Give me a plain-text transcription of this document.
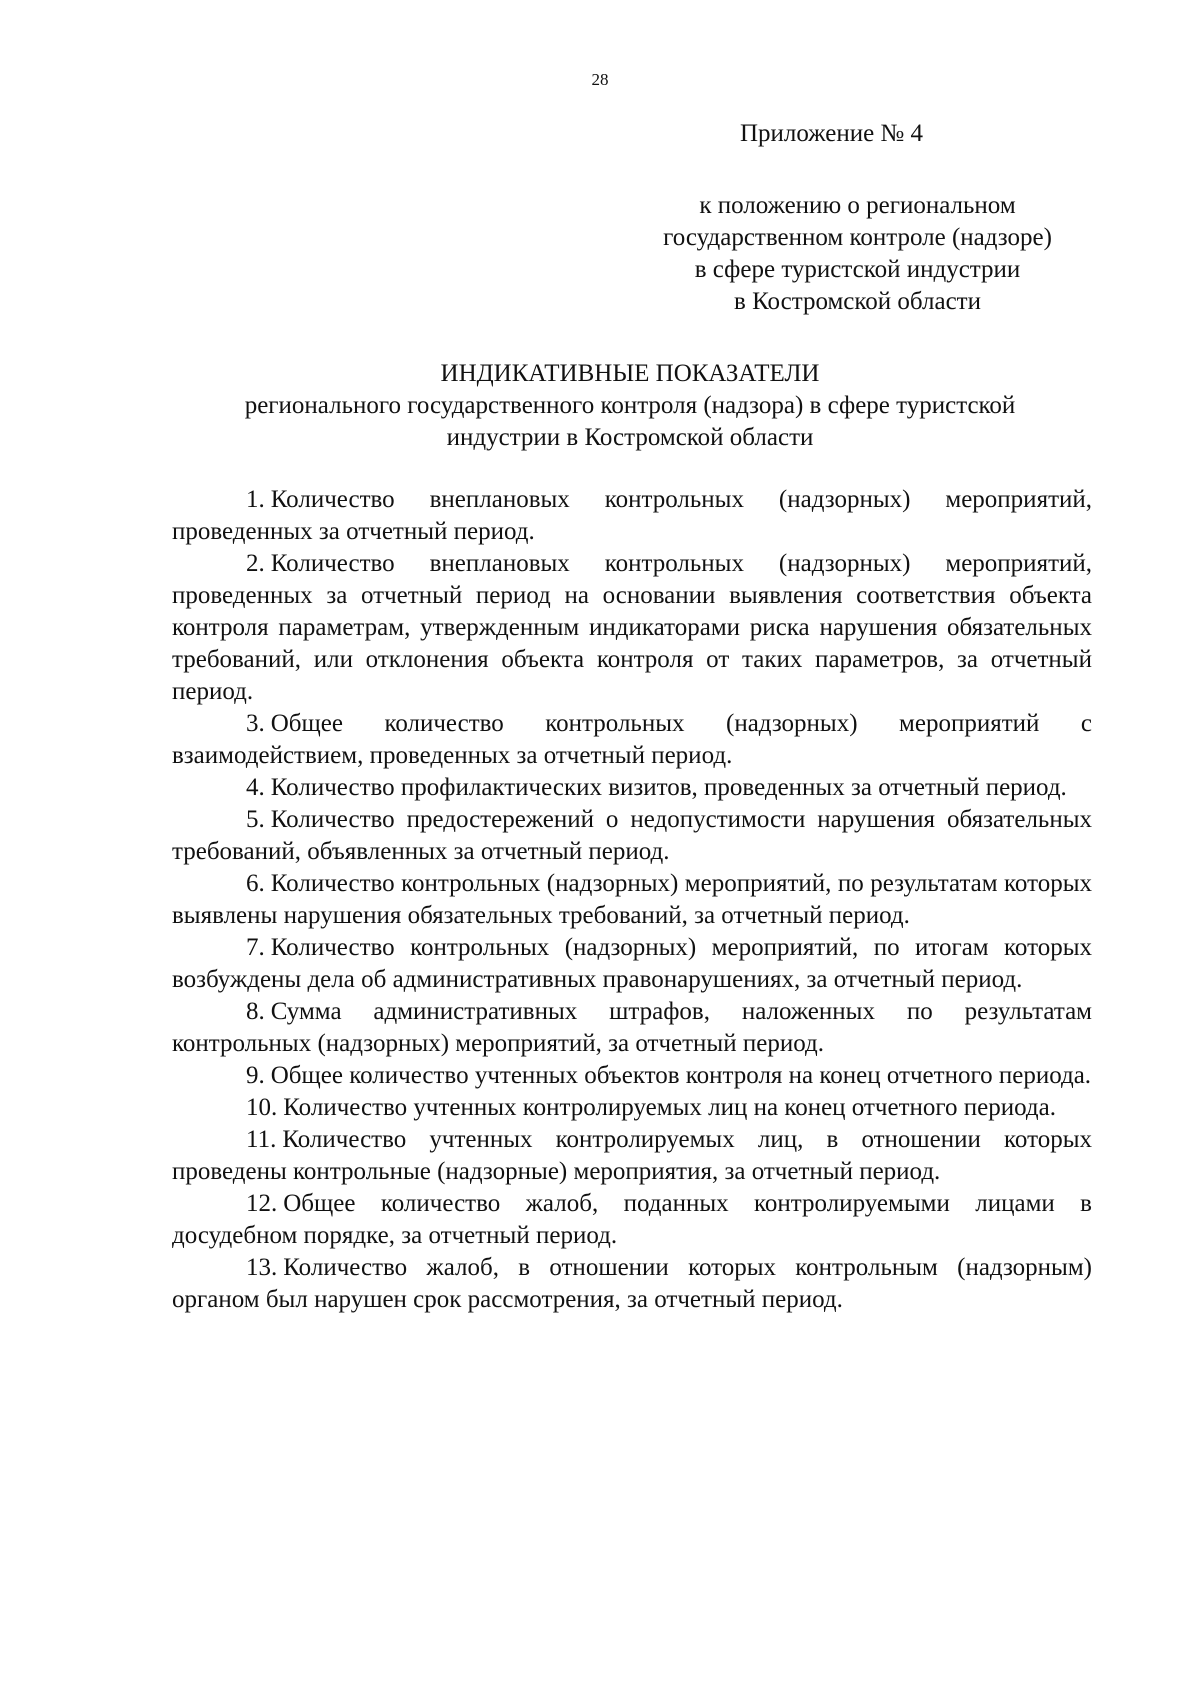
28
Приложение № 4
к положению о региональном
государственном контроле (надзоре)
в сфере туристской индустрии
в Костромской области
ИНДИКАТИВНЫЕ ПОКАЗАТЕЛИ
регионального государственного контроля (надзора) в сфере туристской
индустрии в Костромской области

1. Количество внеплановых контрольных (надзорных) мероприятий, проведенных за отчетный период.

2. Количество внеплановых контрольных (надзорных) мероприятий, проведенных за отчетный период на основании выявления соответствия объекта контроля параметрам, утвержденным индикаторами риска нарушения обязательных требований, или отклонения объекта контроля от таких параметров, за отчетный период.

3. Общее количество контрольных (надзорных) мероприятий с взаимодействием, проведенных за отчетный период.

4. Количество профилактических визитов, проведенных за отчетный период.

5. Количество предостережений о недопустимости нарушения обязательных требований, объявленных за отчетный период.

6. Количество контрольных (надзорных) мероприятий, по результатам которых выявлены нарушения обязательных требований, за отчетный период.

7. Количество контрольных (надзорных) мероприятий, по итогам которых возбуждены дела об административных правонарушениях, за отчетный период.

8. Сумма административных штрафов, наложенных по результатам контрольных (надзорных) мероприятий, за отчетный период.

9. Общее количество учтенных объектов контроля на конец отчетного периода.

10. Количество учтенных контролируемых лиц на конец отчетного периода.

11. Количество учтенных контролируемых лиц, в отношении которых проведены контрольные (надзорные) мероприятия, за отчетный период.

12. Общее количество жалоб, поданных контролируемыми лицами в досудебном порядке, за отчетный период.

13. Количество жалоб, в отношении которых контрольным (надзорным) органом был нарушен срок рассмотрения, за отчетный период.
